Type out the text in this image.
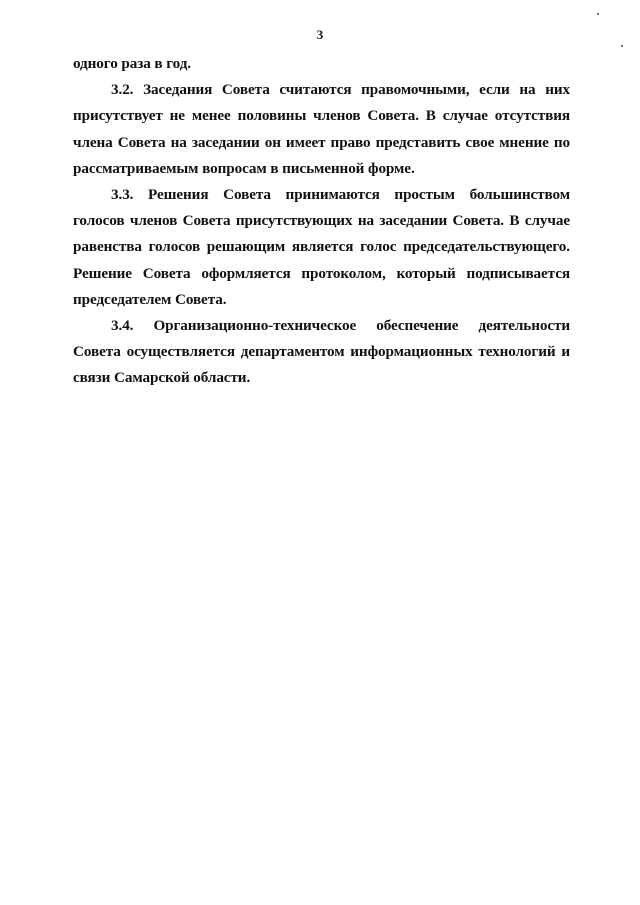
3

одного раза в год.

3.2. Заседания Совета считаются правомочными, если на них присутствует не менее половины членов Совета. В случае отсутствия члена Совета на заседании он имеет право представить свое мнение по рассматриваемым вопросам в письменной форме.

3.3. Решения Совета принимаются простым большинством голосов членов Совета присутствующих на заседании Совета. В случае равенства голосов решающим является голос председательствующего. Решение Совета оформляется протоколом, который подписывается председателем Совета.

3.4. Организационно-техническое обеспечение деятельности Совета осуществляется департаментом информационных технологий и связи Самарской области.
